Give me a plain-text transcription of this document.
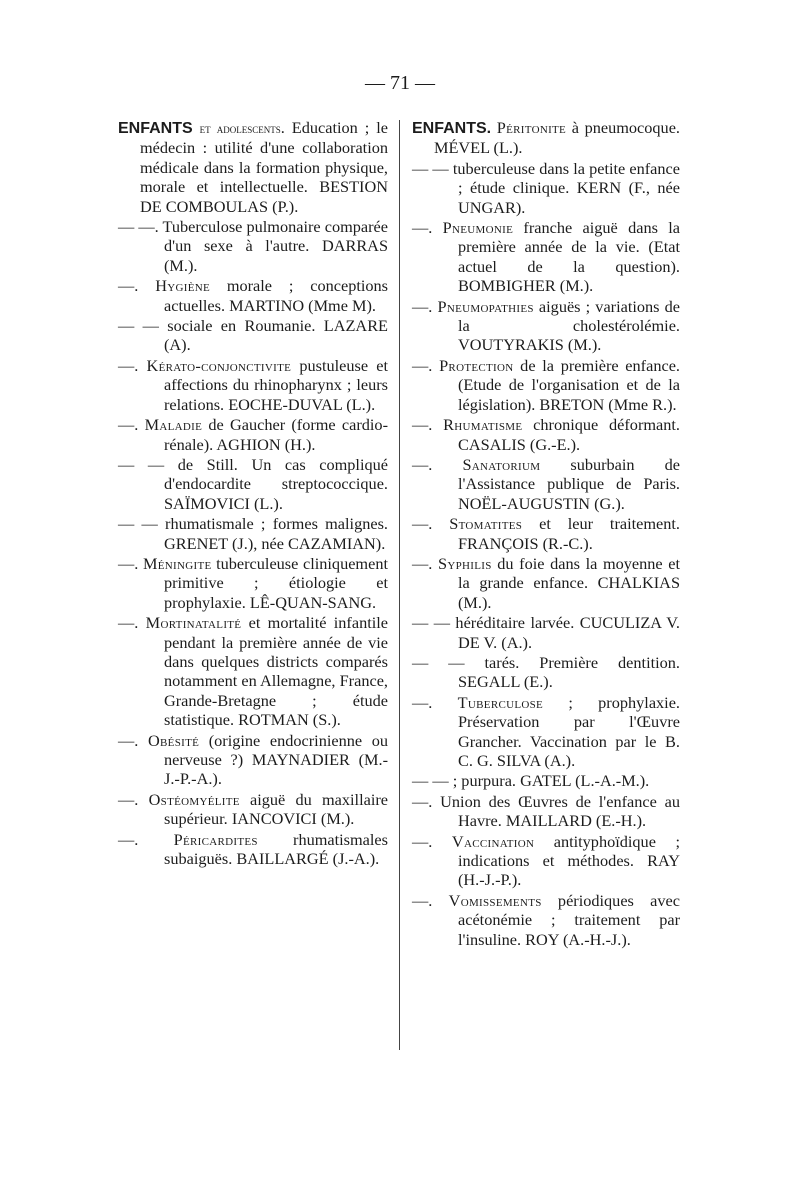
— 71 —
ENFANTS et adolescents. Education ; le médecin : utilité d'une collaboration médicale dans la formation physique, morale et intellectuelle. BESTION DE COMBOULAS (P.).
— —. Tuberculose pulmonaire comparée d'un sexe à l'autre. DARRAS (M.).
—. Hygiène morale ; conceptions actuelles. MARTINO (Mme M).
— — sociale en Roumanie. LAZARE (A).
—. Kérato-conjonctivite pustuleuse et affections du rhinopharynx ; leurs relations. EOCHE-DUVAL (L.).
—. Maladie de Gaucher (forme cardio-rénale). AGHION (H.).
— — de Still. Un cas compliqué d'endocardite streptococcique. SAÏMOVICI (L.).
— — rhumatismale ; formes malignes. GRENET (J.), née CAZAMIAN).
—. Méningite tuberculeuse cliniquement primitive ; étiologie et prophylaxie. LÊ-QUAN-SANG.
—. Mortinatalité et mortalité infantile pendant la première année de vie dans quelques districts comparés notamment en Allemagne, France, Grande-Bretagne ; étude statistique. ROTMAN (S.).
—. Obésité (origine endocrinienne ou nerveuse ?) MAYNADIER (M.-J.-P.-A.).
—. Ostéomyélite aiguë du maxillaire supérieur. IANCOVICI (M.).
—. Péricardites rhumatismales subaiguës. BAILLARGÉ (J.-A.).
ENFANTS. Péritonite à pneumocoque. MÉVEL (L.).
— — tuberculeuse dans la petite enfance ; étude clinique. KERN (F., née UNGAR).
—. Pneumonie franche aiguë dans la première année de la vie. (Etat actuel de la question). BOMBIGHER (M.).
—. Pneumopathies aiguës ; variations de la cholestérolémie. VOUTYRAKIS (M.).
—. Protection de la première enfance. (Etude de l'organisation et de la législation). BRETON (Mme R.).
—. Rhumatisme chronique déformant. CASALIS (G.-E.).
—. Sanatorium suburbain de l'Assistance publique de Paris. NOËL-AUGUSTIN (G.).
—. Stomatites et leur traitement. FRANÇOIS (R.-C.).
—. Syphilis du foie dans la moyenne et la grande enfance. CHALKIAS (M.).
— — héréditaire larvée. CUCULIZA V. DE V. (A.).
— — tarés. Première dentition. SEGALL (E.).
—. Tuberculose ; prophylaxie. Préservation par l'Œuvre Grancher. Vaccination par le B. C. G. SILVA (A.).
— — ; purpura. GATEL (L.-A.-M.).
—. Union des Œuvres de l'enfance au Havre. MAILLARD (E.-H.).
—. Vaccination antityphoïdique ; indications et méthodes. RAY (H.-J.-P.).
—. Vomissements périodiques avec acétonémie ; traitement par l'insuline. ROY (A.-H.-J.).
